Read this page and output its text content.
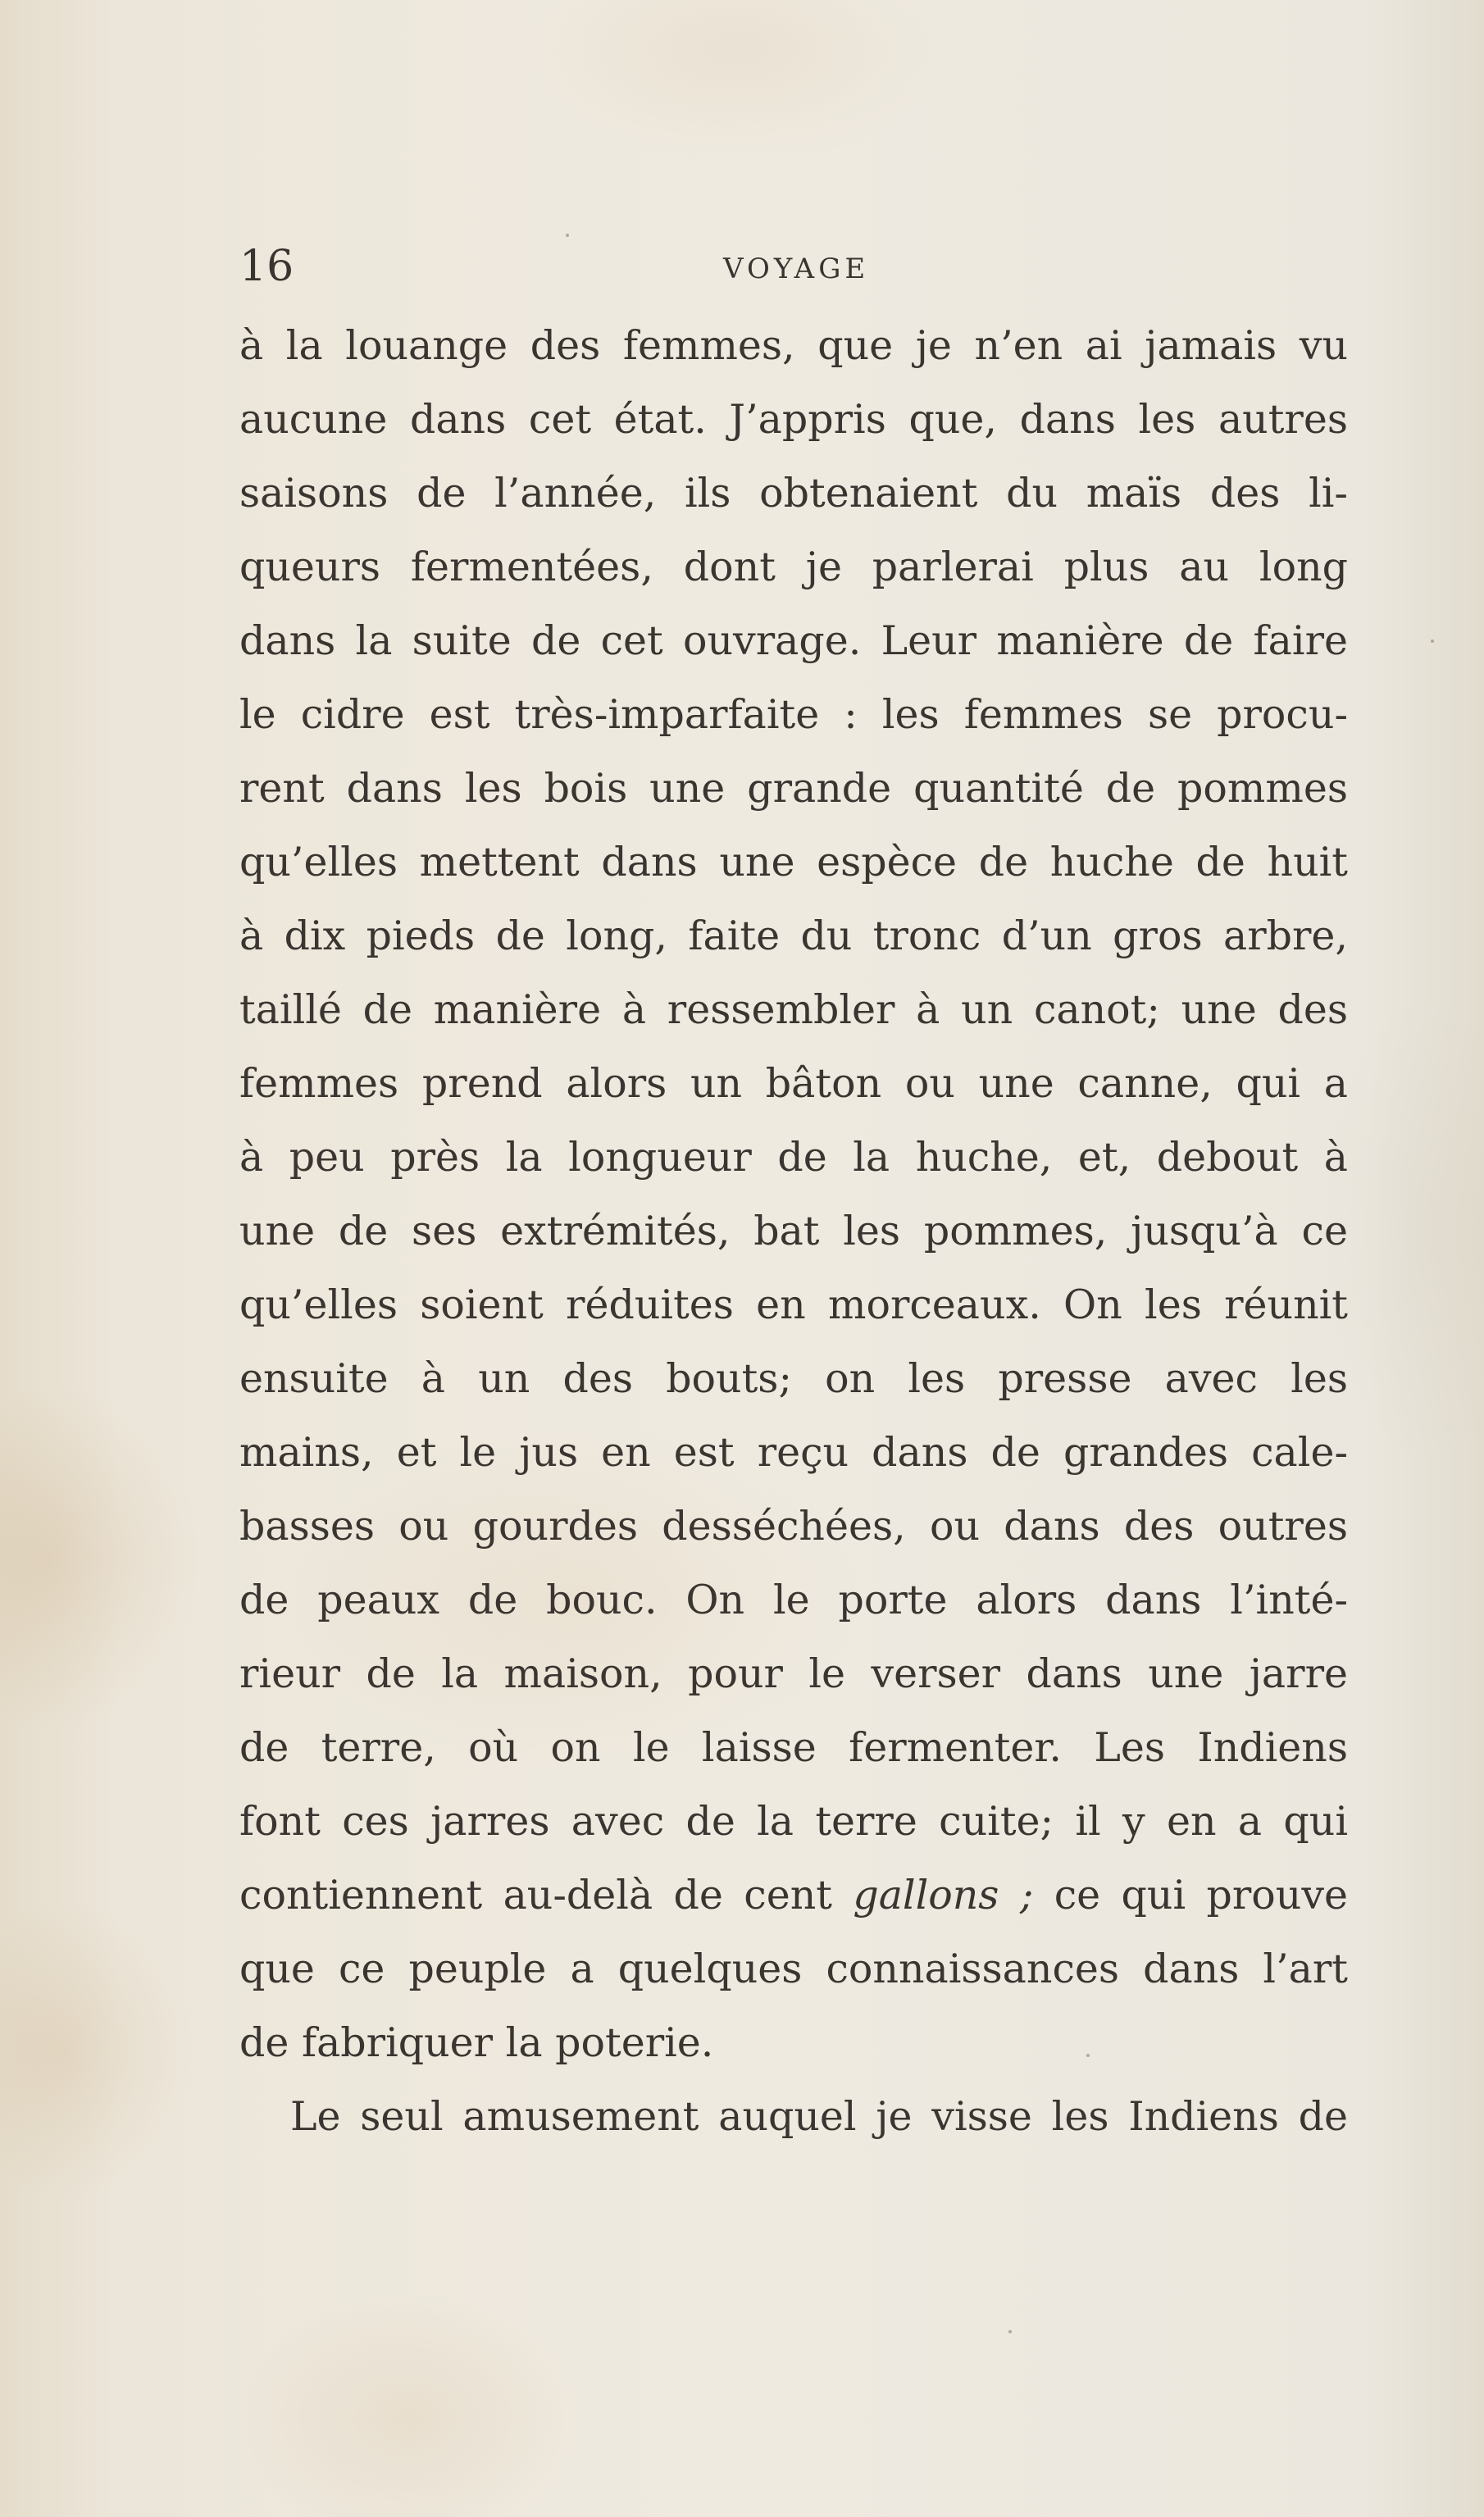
16	VOYAGE
à la louange des femmes, que je n’en ai jamais vu
aucune dans cet état. J’appris que, dans les autres
saisons de l’année, ils obtenaient du maïs des li-
queurs fermentées, dont je parlerai plus au long
dans la suite de cet ouvrage. Leur manière de faire
le cidre est très-imparfaite : les femmes se procu-
rent dans les bois une grande quantité de pommes
qu’elles mettent dans une espèce de huche de huit
à dix pieds de long, faite du tronc d’un gros arbre,
taillé de manière à ressembler à un canot; une des
femmes prend alors un bâton ou une canne, qui a
à peu près la longueur de la huche, et, debout à
une de ses extrémités, bat les pommes, jusqu’à ce
qu’elles soient réduites en morceaux. On les réunit
ensuite à un des bouts; on les presse avec les
mains, et le jus en est reçu dans de grandes cale-
basses ou gourdes desséchées, ou dans des outres
de peaux de bouc. On le porte alors dans l’inté-
rieur de la maison, pour le verser dans une jarre
de terre, où on le laisse fermenter. Les Indiens
font ces jarres avec de la terre cuite; il y en a qui
contiennent au-delà de cent gallons ; ce qui prouve
que ce peuple a quelques connaissances dans l’art
de fabriquer la poterie.
Le seul amusement auquel je visse les Indiens de
